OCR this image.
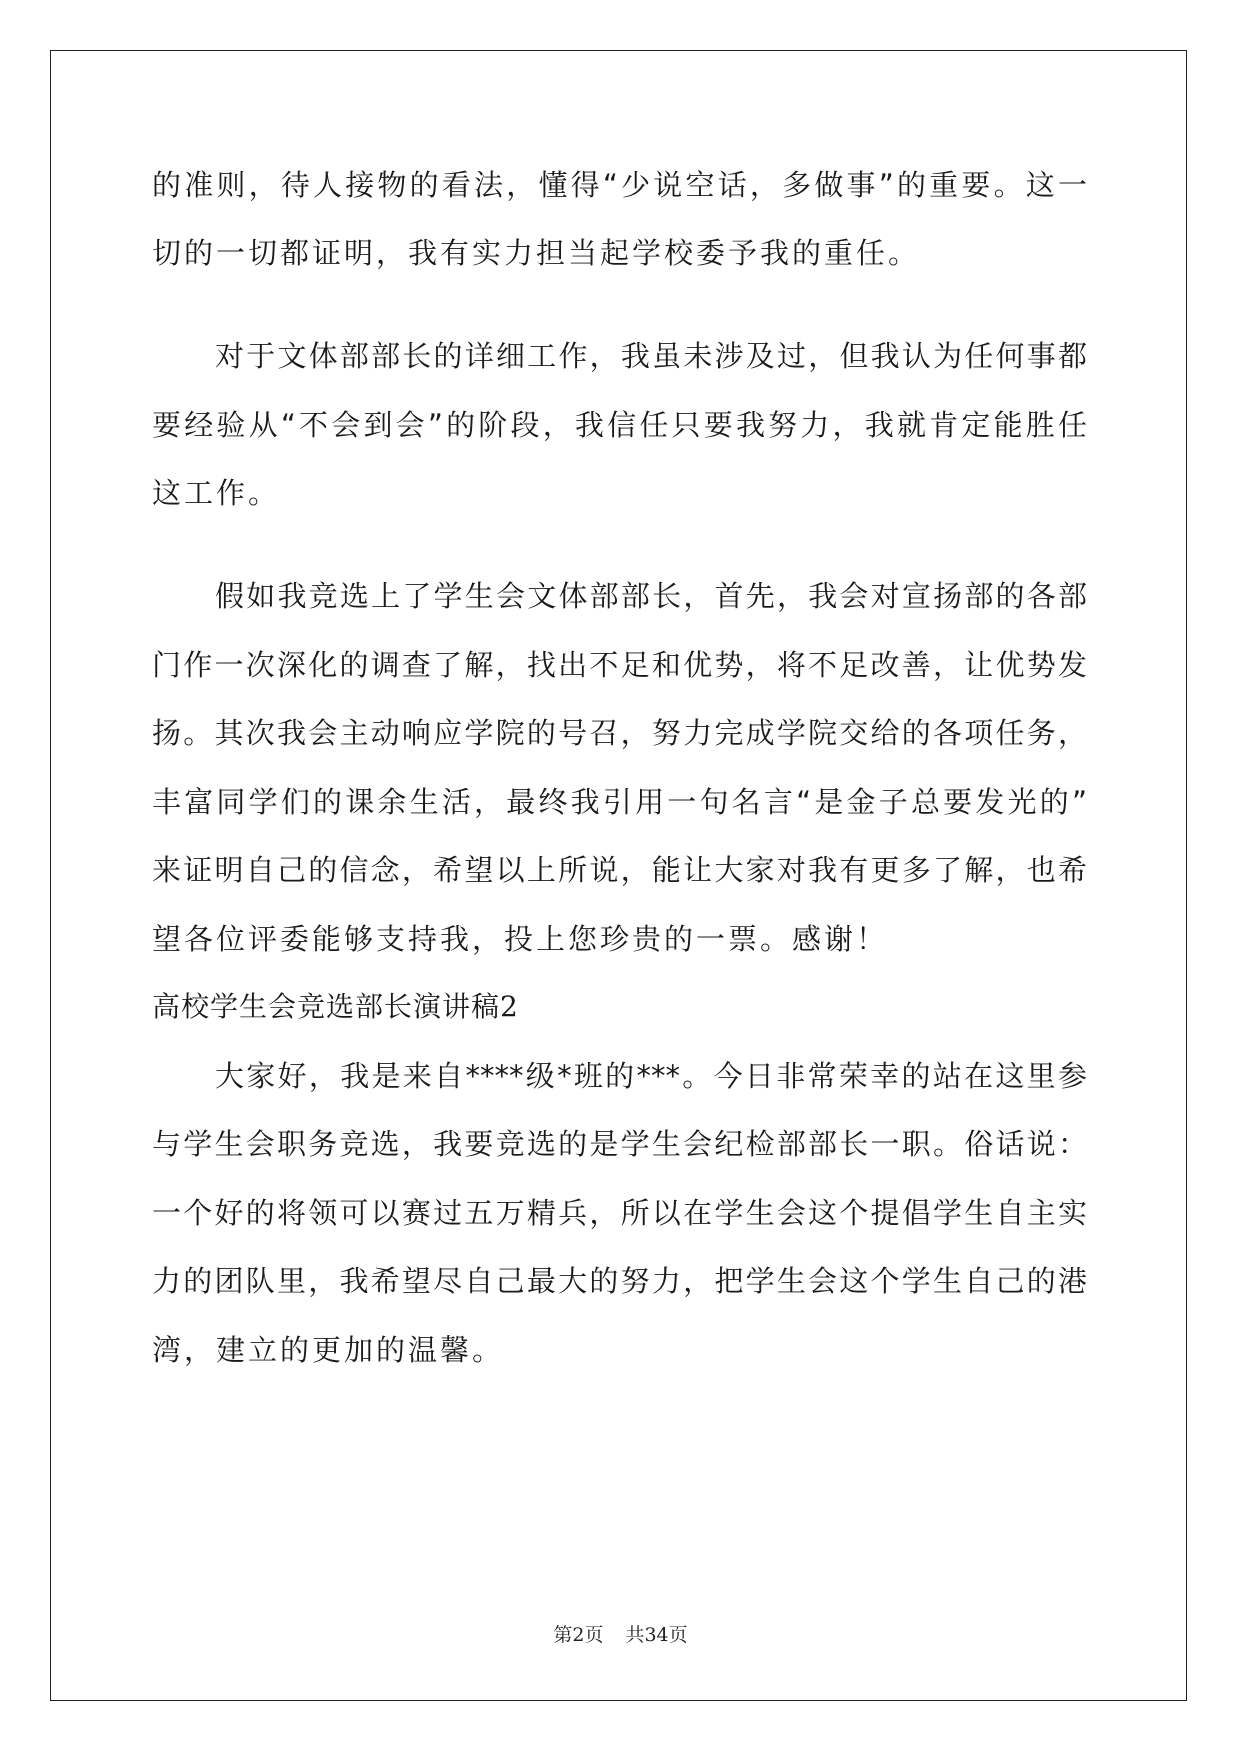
的准则，待人接物的看法，懂得“少说空话，多做事”的重要。这一
切的一切都证明，我有实力担当起学校委予我的重任。
对于文体部部长的详细工作，我虽未涉及过，但我认为任何事都
要经验从“不会到会”的阶段，我信任只要我努力，我就肯定能胜任
这工作。
假如我竞选上了学生会文体部部长，首先，我会对宣扬部的各部
门作一次深化的调查了解，找出不足和优势，将不足改善，让优势发
扬。其次我会主动响应学院的号召，努力完成学院交给的各项任务，
丰富同学们的课余生活，最终我引用一句名言“是金子总要发光的”
来证明自己的信念，希望以上所说，能让大家对我有更多了解，也希
望各位评委能够支持我，投上您珍贵的一票。感谢！
高校学生会竞选部长演讲稿2
大家好，我是来自****级*班的***。今日非常荣幸的站在这里参
与学生会职务竞选，我要竞选的是学生会纪检部部长一职。俗话说：
一个好的将领可以赛过五万精兵，所以在学生会这个提倡学生自主实
力的团队里，我希望尽自己最大的努力，把学生会这个学生自己的港
湾，建立的更加的温馨。
第2页 共34页
